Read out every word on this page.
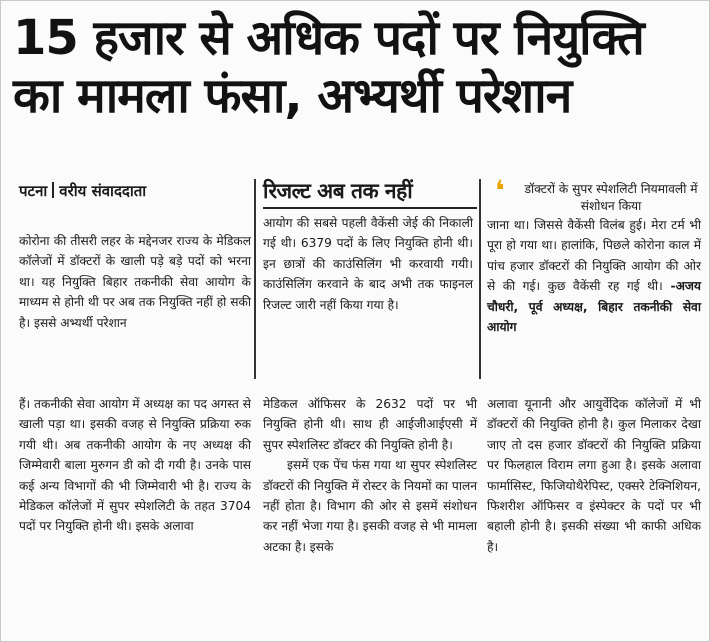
15 हजार से अधिक पदों पर नियुक्ति
का मामला फंसा, अभ्यर्थी परेशान
पटना वरीय संवाददाता

कोरोना की तीसरी लहर के मद्देनजर राज्य के मेडिकल कॉलेजों में डॉक्टरों के खाली पड़े बड़े पदों को भरना था। यह नियुक्ति बिहार तकनीकी सेवा आयोग के माध्यम से होनी थी पर अब तक नियुक्ति नहीं हो सकी है। इससे अभ्यर्थी परेशान

रिजल्ट अब तक नहीं

आयोग की सबसे पहली वैकेंसी जेई की निकाली गई थी। 6379 पदों के लिए नियुक्ति होनी थी। इन छात्रों की काउंसिलिंग भी करवायी गयी। काउंसिलिंग करवाने के बाद अभी तक फाइनल रिजल्ट जारी नहीं किया गया है।

❛	डॉक्टरों के सुपर स्पेशलिटी नियमावली में संशोधन किया

जाना था। जिससे वैकेंसी विलंब हुई। मेरा टर्म भी पूरा हो गया था। हालांकि, पिछले कोरोना काल में पांच हजार डॉक्टरों की नियुक्ति आयोग की ओर से की गई। कुछ वैकेंसी रह गई थी। -अजय चौधरी, पूर्व अध्यक्ष, बिहार तकनीकी सेवा आयोग

हैं। तकनीकी सेवा आयोग में अध्यक्ष का पद अगस्त से खाली पड़ा था। इसकी वजह से नियुक्ति प्रक्रिया रुक गयी थी। अब तकनीकी आयोग के नए अध्यक्ष की जिम्मेवारी बाला मुरुगन डी को दी गयी है। उनके पास कई अन्य विभागों की भी जिम्मेवारी भी है। राज्य के मेडिकल कॉलेजों में सुपर स्पेशलिटी के तहत 3704 पदों पर नियुक्ति होनी थी। इसके अलावा

मेडिकल ऑफिसर के 2632 पदों पर भी नियुक्ति होनी थी। साथ ही आईजीआईएसी में सुपर स्पेशलिस्ट डॉक्टर की नियुक्ति होनी है।

इसमें एक पेंच फंस गया था सुपर स्पेशलिस्ट डॉक्टरों की नियुक्ति में रोस्टर के नियमों का पालन नहीं होता है। विभाग की ओर से इसमें संशोधन कर नहीं भेजा गया है। इसकी वजह से भी मामला अटका है। इसके

अलावा यूनानी और आयुर्वेदिक कॉलेजों में भी डॉक्टरों की नियुक्ति होनी है। कुल मिलाकर देखा जाए तो दस हजार डॉक्टरों की नियुक्ति प्रक्रिया पर फिलहाल विराम लगा हुआ है। इसके अलावा फार्मासिस्ट, फिजियोथैरेपिस्ट, एक्सरे टेक्निशियन, फिशरीश ऑफिसर व इंस्पेक्टर के पदों पर भी बहाली होनी है। इसकी संख्या भी काफी अधिक है।
